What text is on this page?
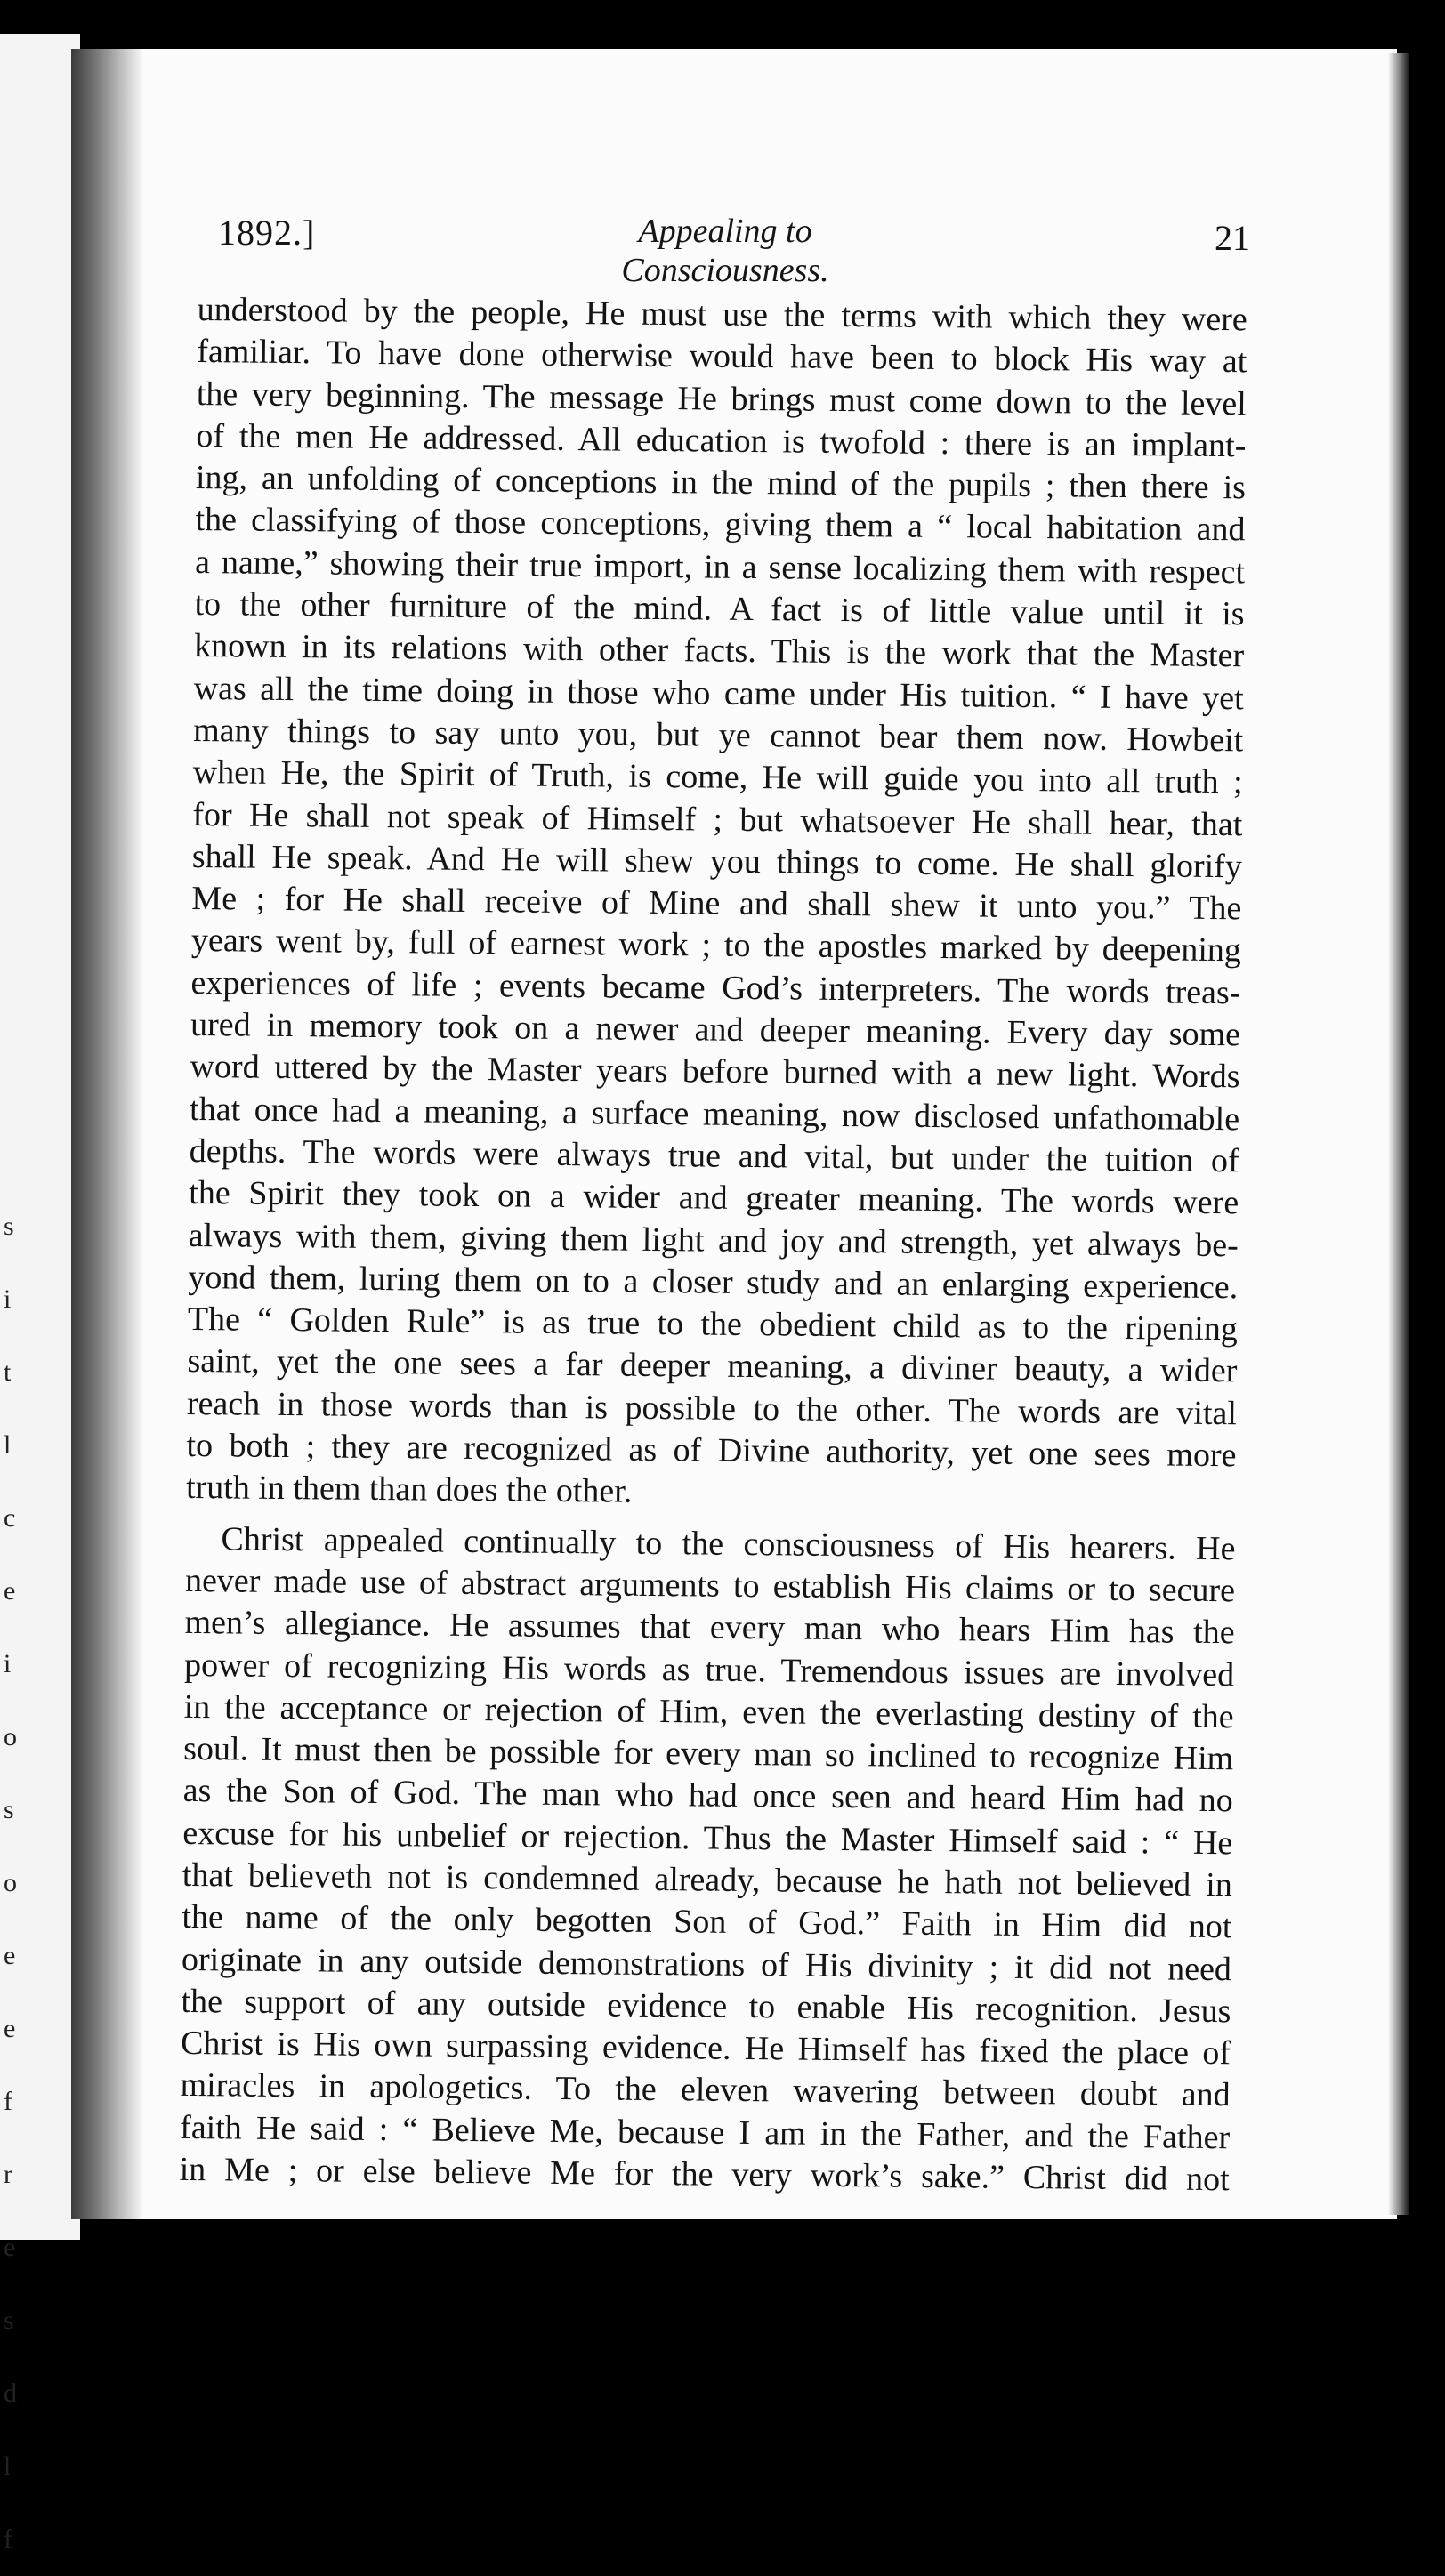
s
i
t
l
c
e
i
o
s
o
e
e
f
r
e
s
d
l
f
1892.]	Appealing to Consciousness.
21
understood by the people, He must use the terms with which they were
familiar. To have done otherwise would have been to block His way at
the very beginning. The message He brings must come down to the level
of the men He addressed. All education is twofold : there is an implant-
ing, an unfolding of conceptions in the mind of the pupils ; then there is
the classifying of those conceptions, giving them a “ local habitation and
a name,” showing their true import, in a sense localizing them with respect
to the other furniture of the mind. A fact is of little value until it is
known in its relations with other facts. This is the work that the Master
was all the time doing in those who came under His tuition. “ I have yet
many things to say unto you, but ye cannot bear them now. Howbeit
when He, the Spirit of Truth, is come, He will guide you into all truth ;
for He shall not speak of Himself ; but whatsoever He shall hear, that
shall He speak. And He will shew you things to come. He shall glorify
Me ; for He shall receive of Mine and shall shew it unto you.” The
years went by, full of earnest work ; to the apostles marked by deepening
experiences of life ; events became God’s interpreters. The words treas-
ured in memory took on a newer and deeper meaning. Every day some
word uttered by the Master years before burned with a new light. Words
that once had a meaning, a surface meaning, now disclosed unfathomable
depths. The words were always true and vital, but under the tuition of
the Spirit they took on a wider and greater meaning. The words were
always with them, giving them light and joy and strength, yet always be-
yond them, luring them on to a closer study and an enlarging experience.
The “ Golden Rule” is as true to the obedient child as to the ripening
saint, yet the one sees a far deeper meaning, a diviner beauty, a wider
reach in those words than is possible to the other. The words are vital
to both ; they are recognized as of Divine authority, yet one sees more
truth in them than does the other.
Christ appealed continually to the consciousness of His hearers. He
never made use of abstract arguments to establish His claims or to secure
men’s allegiance. He assumes that every man who hears Him has the
power of recognizing His words as true. Tremendous issues are involved
in the acceptance or rejection of Him, even the everlasting destiny of the
soul. It must then be possible for every man so inclined to recognize Him
as the Son of God. The man who had once seen and heard Him had no
excuse for his unbelief or rejection. Thus the Master Himself said : “ He
that believeth not is condemned already, because he hath not believed in
the name of the only begotten Son of God.” Faith in Him did not
originate in any outside demonstrations of His divinity ; it did not need
the support of any outside evidence to enable His recognition. Jesus
Christ is His own surpassing evidence. He Himself has fixed the place of
miracles in apologetics. To the eleven wavering between doubt and
faith He said : “ Believe Me, because I am in the Father, and the Father
in Me ; or else believe Me for the very work’s sake.” Christ did not
